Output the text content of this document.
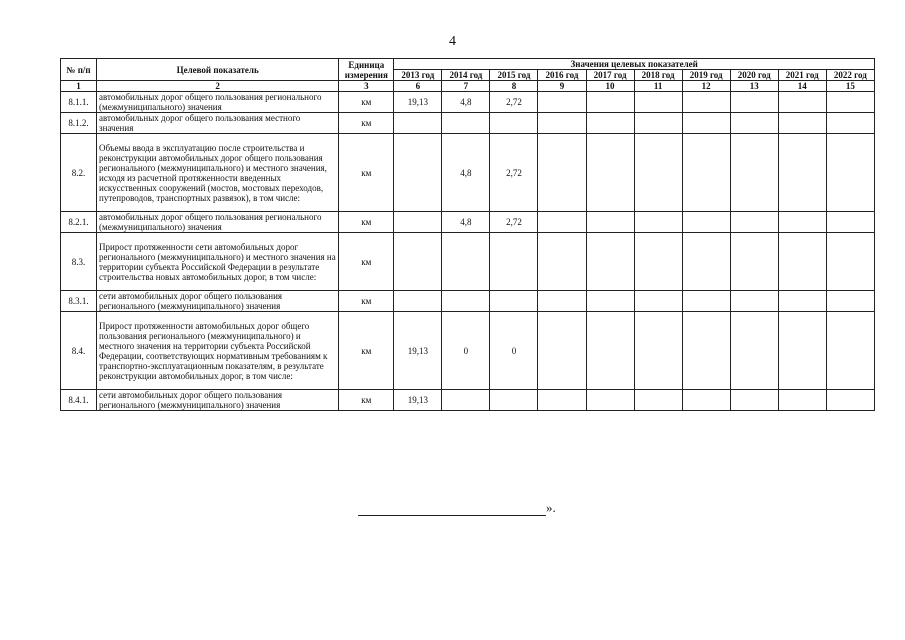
4
№ п/п	Целевой показатель	Единица измерения	Значения целевых показателей									
			2013 год	2014 год	2015 год	2016 год	2017 год	2018 год	2019 год	2020 год	2021 год	2022 год
1	2	3	6	7	8	9	10	11	12	13	14	15
8.1.1.	автомобильных дорог общего пользования регионального (межмуниципального) значения	км	19,13	4,8	2,72							
8.1.2.	автомобильных дорог общего пользования местного значения	км										
8.2.	Объемы ввода в эксплуатацию после строительства и реконструкции автомобильных дорог общего пользования регионального (межмуниципального) и местного значения, исходя из расчетной протяженности введенных искусственных сооружений (мостов, мостовых переходов, путепроводов, транспортных развязок), в том числе:	км		4,8	2,72							
8.2.1.	автомобильных дорог общего пользования регионального (межмуниципального) значения	км		4,8	2,72							
8.3.	Прирост протяженности сети автомобильных дорог регионального (межмуниципального) и местного значения на территории субъекта Российской Федерации в результате строительства новых автомобильных дорог, в том числе:	км										
8.3.1.	сети автомобильных дорог общего пользования регионального (межмуниципального) значения	км										
8.4.	Прирост протяженности автомобильных дорог общего пользования регионального (межмуниципального) и местного значения на территории субъекта Российской Федерации, соответствующих нормативным требованиям к транспортно-эксплуатационным показателям, в результате реконструкции автомобильных дорог, в том числе:	км	19,13	0	0							
8.4.1.	сети автомобильных дорог общего пользования регионального (межмуниципального) значения	км	19,13									
».
